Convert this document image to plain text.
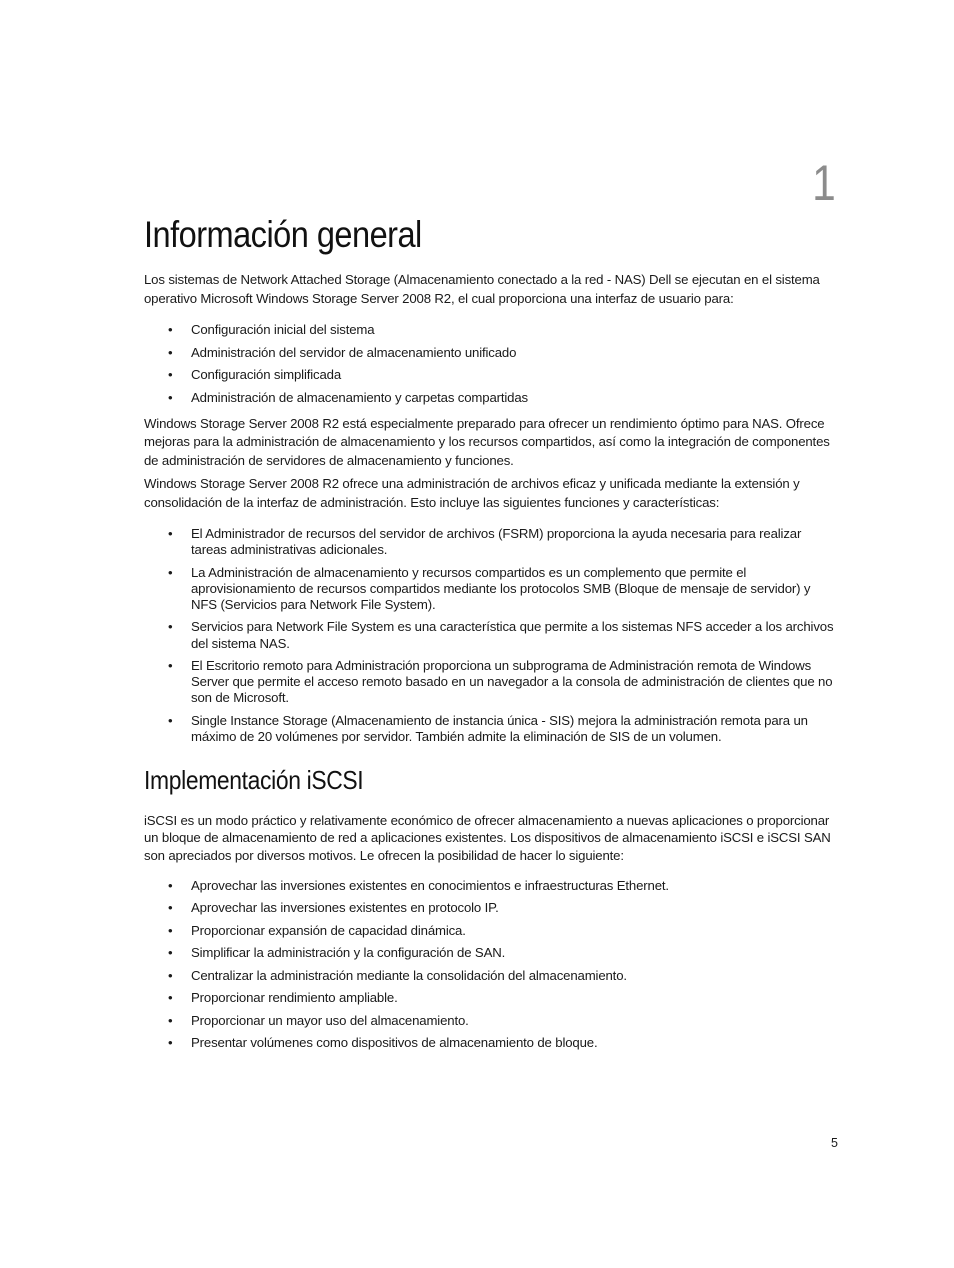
1
Información general

Los sistemas de Network Attached Storage (Almacenamiento conectado a la red - NAS) Dell se ejecutan en el sistema operativo Microsoft Windows Storage Server 2008 R2, el cual proporciona una interfaz de usuario para:

• Configuración inicial del sistema
• Administración del servidor de almacenamiento unificado
• Configuración simplificada
• Administración de almacenamiento y carpetas compartidas

Windows Storage Server 2008 R2 está especialmente preparado para ofrecer un rendimiento óptimo para NAS. Ofrece mejoras para la administración de almacenamiento y los recursos compartidos, así como la integración de componentes de administración de servidores de almacenamiento y funciones.

Windows Storage Server 2008 R2 ofrece una administración de archivos eficaz y unificada mediante la extensión y consolidación de la interfaz de administración. Esto incluye las siguientes funciones y características:

• El Administrador de recursos del servidor de archivos (FSRM) proporciona la ayuda necesaria para realizar tareas administrativas adicionales.
• La Administración de almacenamiento y recursos compartidos es un complemento que permite el aprovisionamiento de recursos compartidos mediante los protocolos SMB (Bloque de mensaje de servidor) y NFS (Servicios para Network File System).
• Servicios para Network File System es una característica que permite a los sistemas NFS acceder a los archivos del sistema NAS.
• El Escritorio remoto para Administración proporciona un subprograma de Administración remota de Windows Server que permite el acceso remoto basado en un navegador a la consola de administración de clientes que no son de Microsoft.
• Single Instance Storage (Almacenamiento de instancia única - SIS) mejora la administración remota para un máximo de 20 volúmenes por servidor. También admite la eliminación de SIS de un volumen.
Implementación iSCSI

iSCSI es un modo práctico y relativamente económico de ofrecer almacenamiento a nuevas aplicaciones o proporcionar un bloque de almacenamiento de red a aplicaciones existentes. Los dispositivos de almacenamiento iSCSI e iSCSI SAN son apreciados por diversos motivos. Le ofrecen la posibilidad de hacer lo siguiente:

• Aprovechar las inversiones existentes en conocimientos e infraestructuras Ethernet.
• Aprovechar las inversiones existentes en protocolo IP.
• Proporcionar expansión de capacidad dinámica.
• Simplificar la administración y la configuración de SAN.
• Centralizar la administración mediante la consolidación del almacenamiento.
• Proporcionar rendimiento ampliable.
• Proporcionar un mayor uso del almacenamiento.
• Presentar volúmenes como dispositivos de almacenamiento de bloque.
5
